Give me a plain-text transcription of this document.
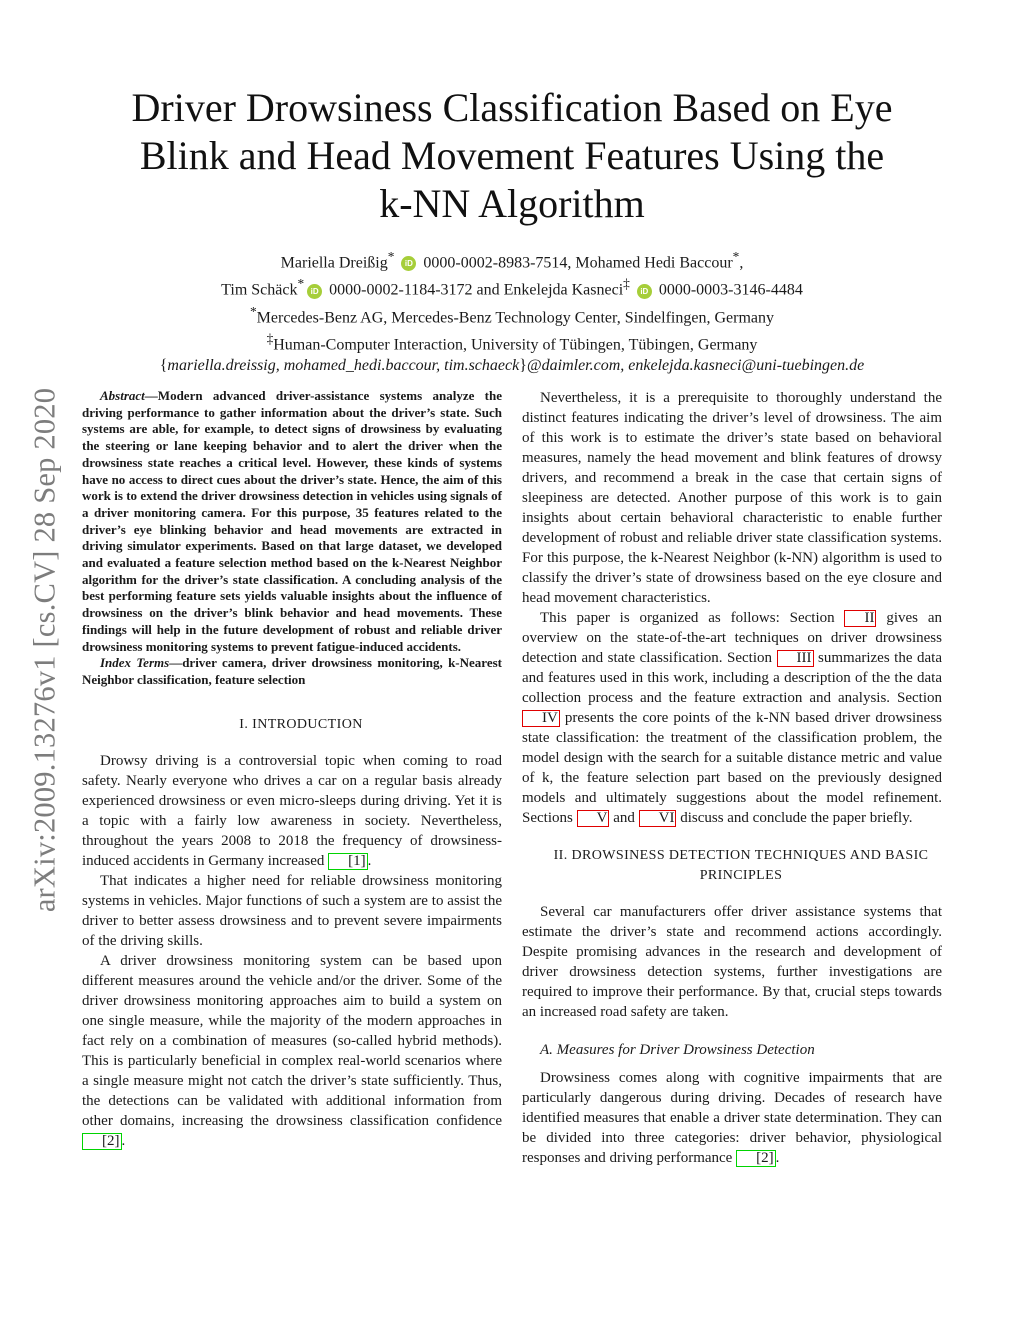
arXiv:2009.13276v1 [cs.CV] 28 Sep 2020
Driver Drowsiness Classification Based on Eye
Blink and Head Movement Features Using the
k-NN Algorithm
Mariella Dreißig* iD 0000-0002-8983-7514, Mohamed Hedi Baccour*,
Tim Schäck* iD 0000-0002-1184-3172 and Enkelejda Kasneci‡ iD 0000-0003-3146-4484
*Mercedes-Benz AG, Mercedes-Benz Technology Center, Sindelfingen, Germany
‡Human-Computer Interaction, University of Tübingen, Tübingen, Germany
{mariella.dreissig, mohamed_hedi.baccour, tim.schaeck}@daimler.com, enkelejda.kasneci@uni-tuebingen.de

Abstract—Modern advanced driver-assistance systems analyze the driving performance to gather information about the driver’s state. Such systems are able, for example, to detect signs of drowsiness by evaluating the steering or lane keeping behavior and to alert the driver when the drowsiness state reaches a critical level. However, these kinds of systems have no access to direct cues about the driver’s state. Hence, the aim of this work is to extend the driver drowsiness detection in vehicles using signals of a driver monitoring camera. For this purpose, 35 features related to the driver’s eye blinking behavior and head movements are extracted in driving simulator experiments. Based on that large dataset, we developed and evaluated a feature selection method based on the k-Nearest Neighbor algorithm for the driver’s state classification. A concluding analysis of the best performing feature sets yields valuable insights about the influence of drowsiness on the driver’s blink behavior and head movements. These findings will help in the future development of robust and reliable driver drowsiness monitoring systems to prevent fatigue-induced accidents.

Index Terms—driver camera, driver drowsiness monitoring, k-Nearest Neighbor classification, feature selection

I. INTRODUCTION

Drowsy driving is a controversial topic when coming to road safety. Nearly everyone who drives a car on a regular basis already experienced drowsiness or even micro-sleeps during driving. Yet it is a topic with a fairly low awareness in society. Nevertheless, throughout the years 2008 to 2018 the frequency of drowsiness-induced accidents in Germany increased [1] .

That indicates a higher need for reliable drowsiness monitoring systems in vehicles. Major functions of such a system are to assist the driver to better assess drowsiness and to prevent severe impairments of the driving skills.

A driver drowsiness monitoring system can be based upon different measures around the vehicle and/or the driver. Some of the driver drowsiness monitoring approaches aim to build a system on one single measure, while the majority of the modern approaches in fact rely on a combination of measures (so-called hybrid methods). This is particularly beneficial in complex real-world scenarios where a single measure might not catch the driver’s state sufficiently. Thus, the detections can be validated with additional information from other domains, increasing the drowsiness classification confidence [2] .

Nevertheless, it is a prerequisite to thoroughly understand the distinct features indicating the driver’s level of drowsiness. The aim of this work is to estimate the driver’s state based on behavioral measures, namely the head movement and blink features of drowsy drivers, and recommend a break in the case that certain signs of sleepiness are detected. Another purpose of this work is to gain insights about certain behavioral characteristic to enable further development of robust and reliable driver state classification systems. For this purpose, the k-Nearest Neighbor (k-NN) algorithm is used to classify the driver’s state of drowsiness based on the eye closure and head movement characteristics.

This paper is organized as follows: Section II gives an overview on the state-of-the-art techniques on driver drowsiness detection and state classification. Section III summarizes the data and features used in this work, including a description of the the data collection process and the feature extraction and analysis. Section IV presents the core points of the k-NN based driver drowsiness state classification: the treatment of the classification problem, the model design with the search for a suitable distance metric and value of k, the feature selection part based on the previously designed models and ultimately suggestions about the model refinement. Sections V and VI discuss and conclude the paper briefly.

II. DROWSINESS DETECTION TECHNIQUES AND BASIC

PRINCIPLES

Several car manufacturers offer driver assistance systems that estimate the driver’s state and recommend actions accordingly. Despite promising advances in the research and development of driver drowsiness detection systems, further investigations are required to improve their performance. By that, crucial steps towards an increased road safety are taken.

A. Measures for Driver Drowsiness Detection

Drowsiness comes along with cognitive impairments that are particularly dangerous during driving. Decades of research have identified measures that enable a driver state determination. They can be divided into three categories: driver behavior, physiological responses and driving performance [2] .
